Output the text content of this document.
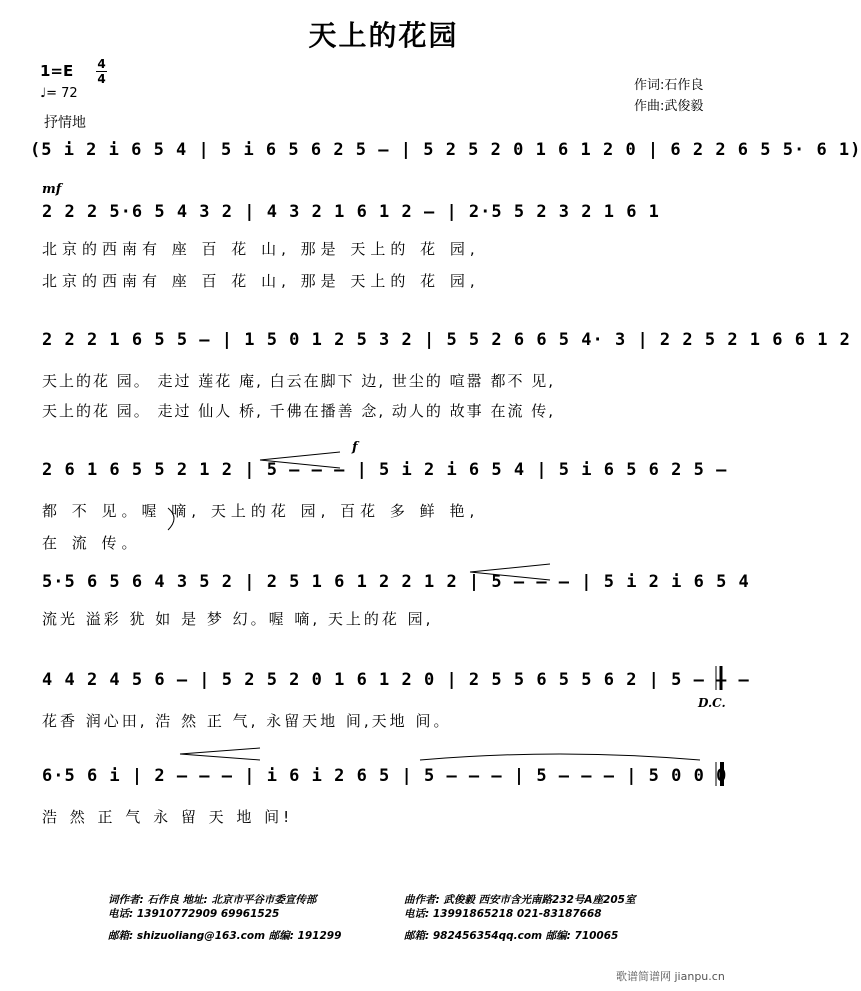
天上的花园
1=E 4
4
♩= 72
抒情地
作词:石作良
作曲:武俊毅
(5 i 2 i 6 5 4 | 5 i 6 5 6 2 5 – | 5 2 5 2 0 1 6 1 2 0 | 6 2 2 6 5 5· 6 1)
mf
2 2 2 5·6 5 4 3 2 | 4 3 2 1 6 1 2 – | 2·5 5 2 3 2 1 6 1
北京的西南有 座 百 花 山, 那是 天上的 花 园,
北京的西南有 座 百 花 山, 那是 天上的 花 园,
2 2 2 1 6 5 5 – | 1 5 0 1 2 5 3 2 | 5 5 2 6 6 5 4· 3 | 2 2 5 2 1 6 6 1 2
天上的花 园。 走过 莲花 庵, 白云在脚下 边, 世尘的 喧嚣 都不 见,
天上的花 园。 走过 仙人 桥, 千佛在播善 念, 动人的 故事 在流 传,
f
2 6 1 6 5 5 2 1 2 | 5 – – – | 5 i 2 i 6 5 4 | 5 i 6 5 6 2 5 –
都 不 见。喔 嘀, 天上的花 园, 百花 多 鲜 艳,
在 流 传。
5·5 6 5 6 4 3 5 2 | 2 5 1 6 1 2 2 1 2 | 5 – – – | 5 i 2 i 6 5 4
流光 溢彩 犹 如 是 梦 幻。喔 嘀, 天上的花 园,
4 4 2 4 5 6 – | 5 2 5 2 0 1 6 1 2 0 | 2 5 5 6 5 5 6 2 | 5 – – –
D.C.
花香 润心田, 浩 然 正 气, 永留天地 间,天地 间。
6·5 6 i | 2 – – – | i 6 i 2 6 5 | 5 – – – | 5 – – – | 5 0 0 0
浩 然 正 气 永 留 天 地 间!
词作者: 石作良 地址: 北京市平谷市委宣传部
电话: 13910772909 69961525
邮箱: shizuoliang@163.com 邮编: 191299
曲作者: 武俊毅 西安市含光南路232号A座205室
电话: 13991865218 021-83187668
邮箱: 982456354qq.com 邮编: 710065
歌谱简谱网 jianpu.cn
